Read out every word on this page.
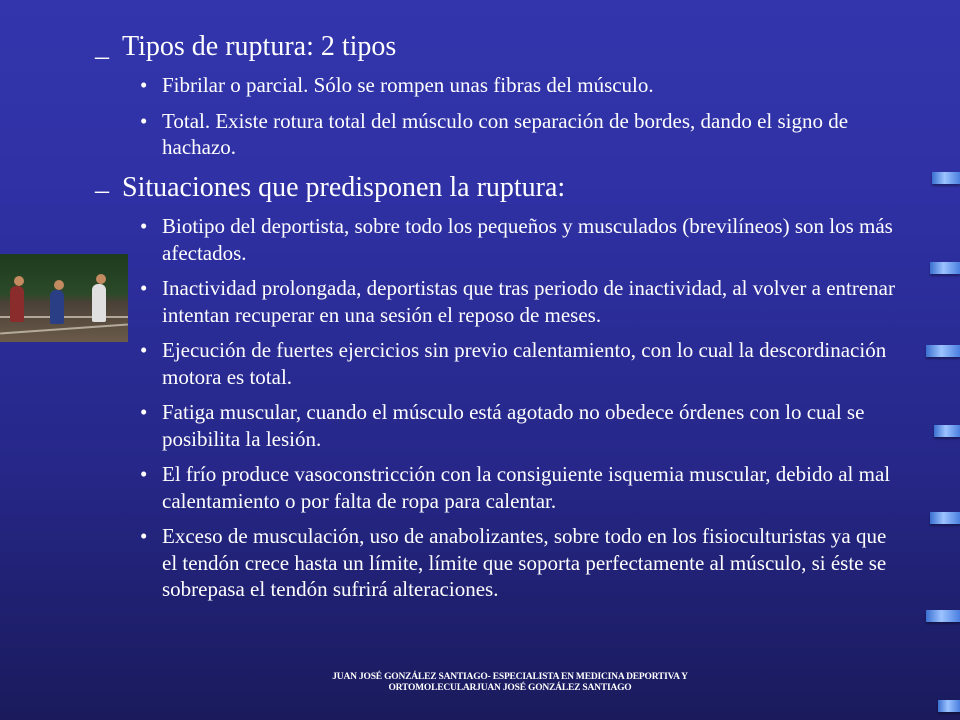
– Tipos de ruptura: 2 tipos
• Fibrilar o parcial. Sólo se rompen unas fibras del músculo.
• Total. Existe rotura total del músculo con separación de bordes, dando el signo de hachazo.
– Situaciones que predisponen la ruptura:
• Biotipo del deportista, sobre todo los pequeños y musculados (brevilíneos) son los más afectados.
• Inactividad prolongada, deportistas que tras periodo de inactividad, al volver a entrenar intentan recuperar en una sesión el reposo de meses.
• Ejecución de fuertes ejercicios sin previo calentamiento, con lo cual la descordinación motora es total.
• Fatiga muscular, cuando el músculo está agotado no obedece órdenes con lo cual se posibilita la lesión.
• El frío produce vasoconstricción con la consiguiente isquemia muscular, debido al mal calentamiento o por falta de ropa para calentar.
• Exceso de musculación, uso de anabolizantes, sobre todo en los fisioculturistas ya que el tendón crece hasta un límite, límite que soporta perfectamente al músculo, si éste se sobrepasa el tendón sufrirá alteraciones.
JUAN JOSÉ GONZÁLEZ SANTIAGO- ESPECIALISTA EN MEDICINA DEPORTIVA Y
ORTOMOLECULARJUAN JOSÉ GONZÁLEZ SANTIAGO
